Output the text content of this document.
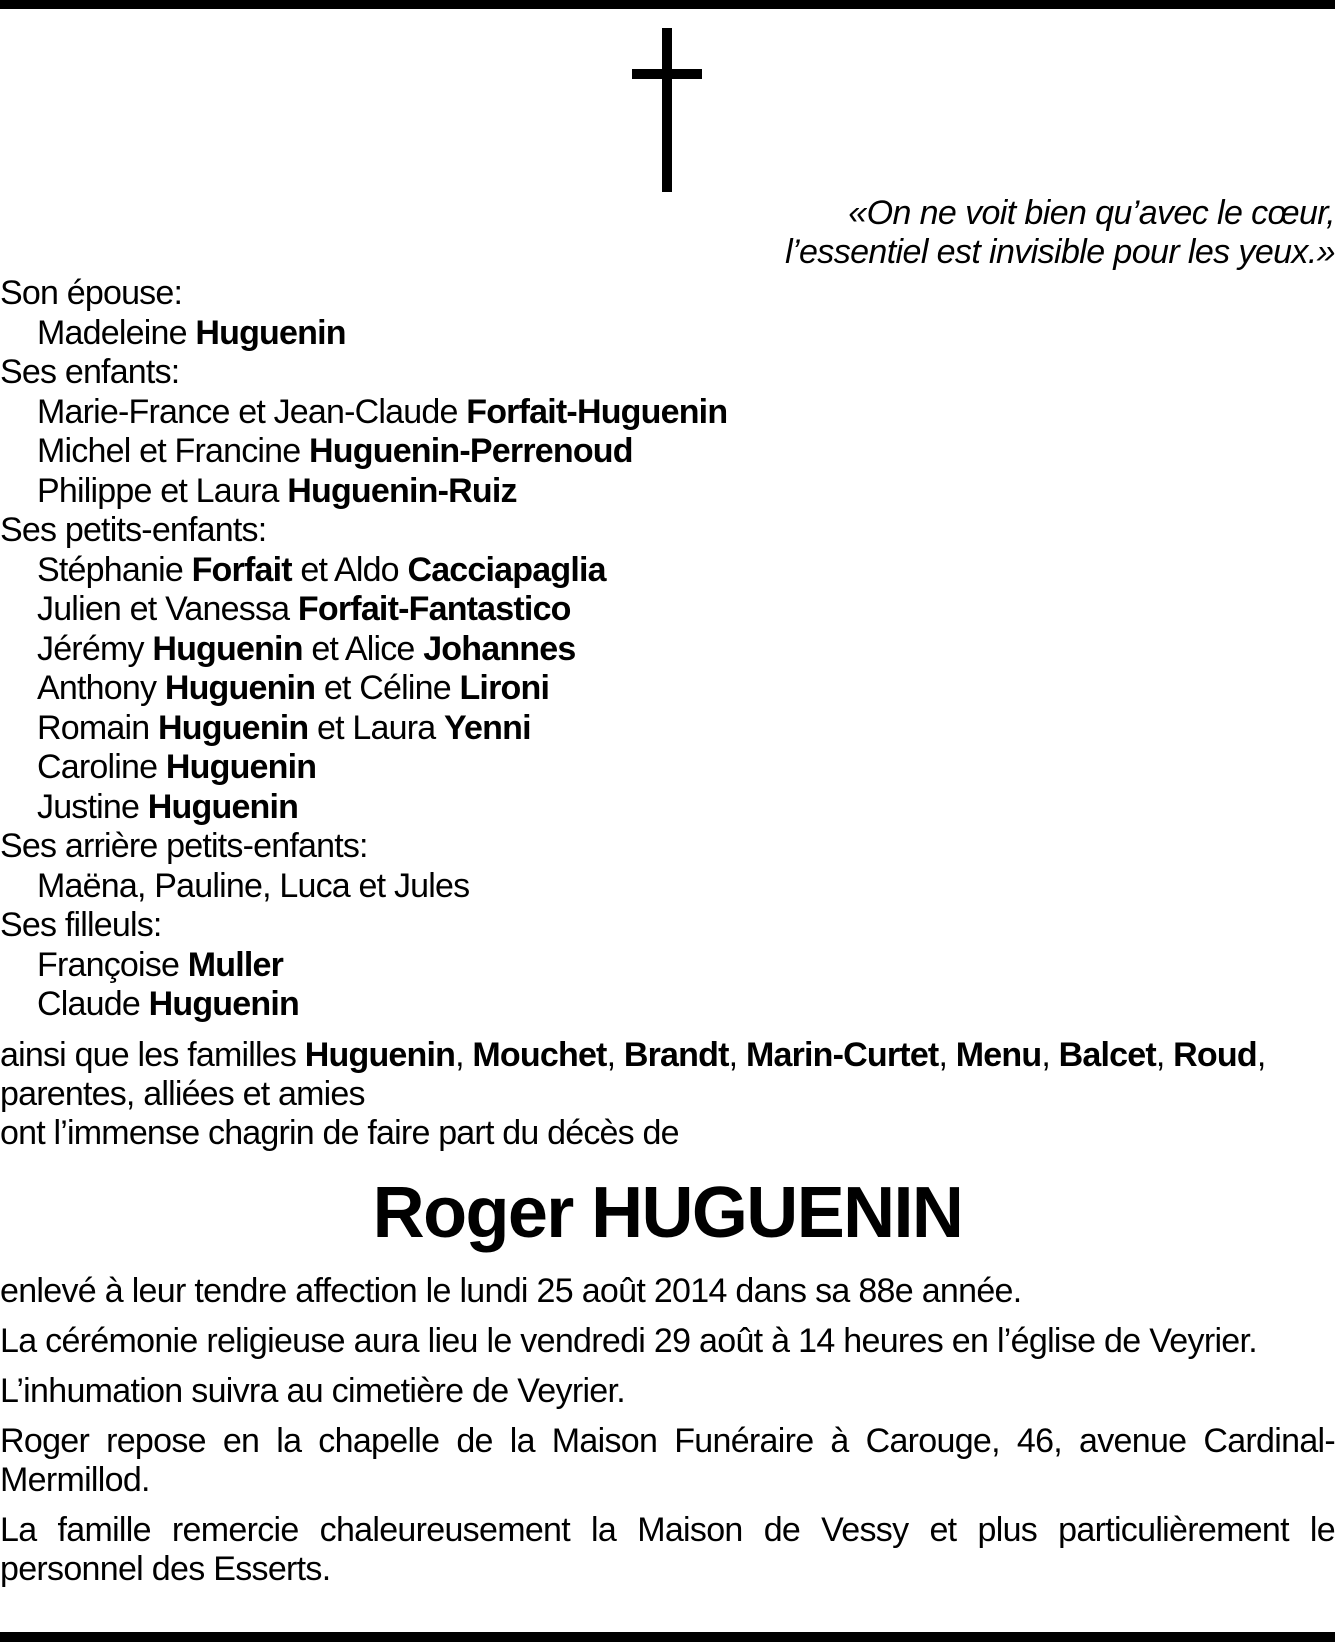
«On ne voit bien qu’avec le cœur,
l’essentiel est invisible pour les yeux.»
Son épouse:
Madeleine Huguenin
Ses enfants:
Marie-France et Jean-Claude Forfait-Huguenin
Michel et Francine Huguenin-Perrenoud
Philippe et Laura Huguenin-Ruiz
Ses petits-enfants:
Stéphanie Forfait et Aldo Cacciapaglia
Julien et Vanessa Forfait-Fantastico
Jérémy Huguenin et Alice Johannes
Anthony Huguenin et Céline Lironi
Romain Huguenin et Laura Yenni
Caroline Huguenin
Justine Huguenin
Ses arrière petits-enfants:
Maëna, Pauline, Luca et Jules
Ses filleuls:
Françoise Muller
Claude Huguenin
ainsi que les familles Huguenin, Mouchet, Brandt, Marin-Curtet, Menu, Balcet, Roud,
parentes, alliées et amies
ont l’immense chagrin de faire part du décès de
Roger HUGUENIN

enlevé à leur tendre affection le lundi 25 août 2014 dans sa 88e année.

La cérémonie religieuse aura lieu le vendredi 29 août à 14 heures en l’église de Veyrier.

L’inhumation suivra au cimetière de Veyrier.

Roger repose en la chapelle de la Maison Funéraire à Carouge, 46, avenue Cardinal-Mermillod.

La famille remercie chaleureusement la Maison de Vessy et plus particulièrement le personnel des Esserts.
